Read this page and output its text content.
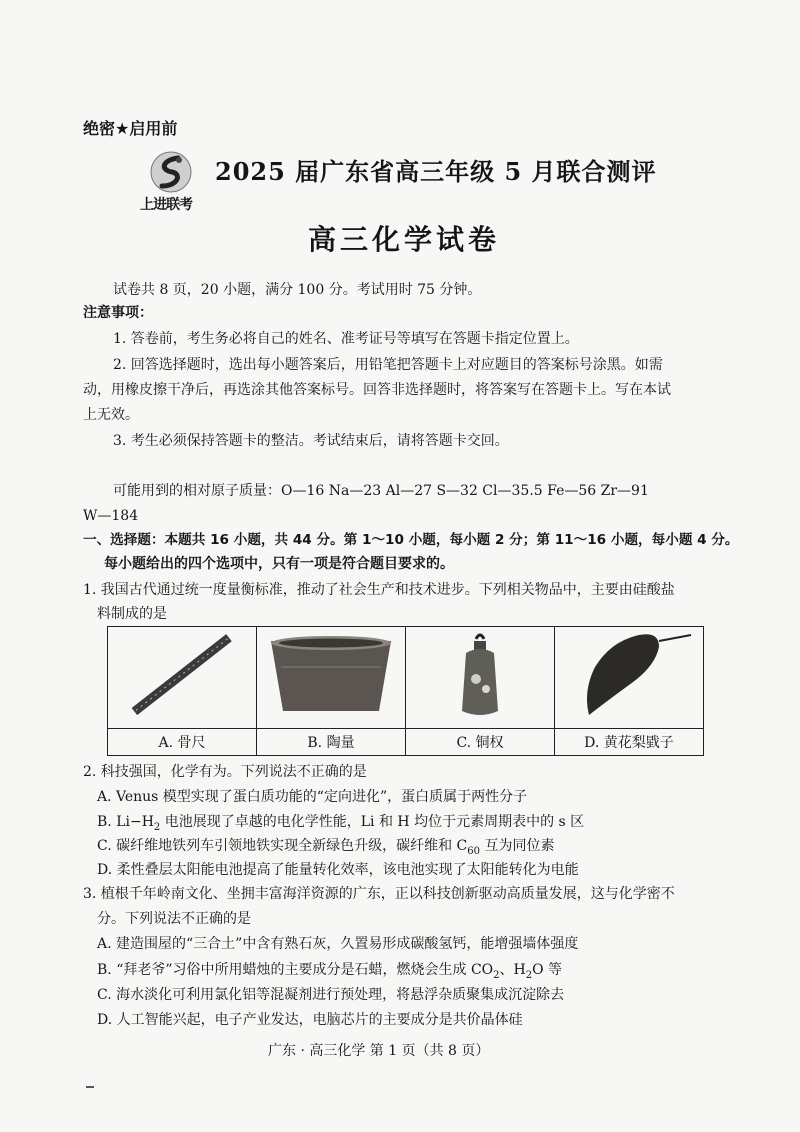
绝密★启用前
上进联考
2025 届广东省高三年级 5 月联合测评
高三化学试卷
试卷共 8 页，20 小题，满分 100 分。考试用时 75 分钟。
注意事项：
1. 答卷前，考生务必将自己的姓名、准考证号等填写在答题卡指定位置上。
2. 回答选择题时，选出每小题答案后，用铅笔把答题卡上对应题目的答案标号涂黑。如需
动，用橡皮擦干净后，再选涂其他答案标号。回答非选择题时，将答案写在答题卡上。写在本试
上无效。
3. 考生必须保持答题卡的整洁。考试结束后，请将答题卡交回。
可能用到的相对原子质量：O—16 Na—23 Al—27 S—32 Cl—35.5 Fe—56 Zr—91
W—184
一、选择题：本题共 16 小题，共 44 分。第 1～10 小题，每小题 2 分；第 11～16 小题，每小题 4 分。
每小题给出的四个选项中，只有一项是符合题目要求的。
1. 我国古代通过统一度量衡标准，推动了社会生产和技术进步。下列相关物品中，主要由硅酸盐
料制成的是

A. 骨尺	B. 陶量	C. 铜权	D. 黄花梨戥子
2. 科技强国，化学有为。下列说法不正确的是
A. Venus 模型实现了蛋白质功能的“定向进化”，蛋白质属于两性分子
B. $Li-H_2$ 电池展现了卓越的电化学性能，Li 和 H 均位于元素周期表中的 s 区
C. 碳纤维地铁列车引领地铁实现全新绿色升级，碳纤维和 $C_{60}$ 互为同位素
D. 柔性叠层太阳能电池提高了能量转化效率，该电池实现了太阳能转化为电能
3. 植根千年岭南文化、坐拥丰富海洋资源的广东，正以科技创新驱动高质量发展，这与化学密不
分。下列说法不正确的是
A. 建造围屋的“三合土”中含有熟石灰，久置易形成碳酸氢钙，能增强墙体强度
B. “拜老爷”习俗中所用蜡烛的主要成分是石蜡，燃烧会生成 $CO_2$、$H_2O$ 等
C. 海水淡化可利用氯化铝等混凝剂进行预处理，将悬浮杂质聚集成沉淀除去
D. 人工智能兴起，电子产业发达，电脑芯片的主要成分是共价晶体硅
广东 · 高三化学 第 1 页（共 8 页）
